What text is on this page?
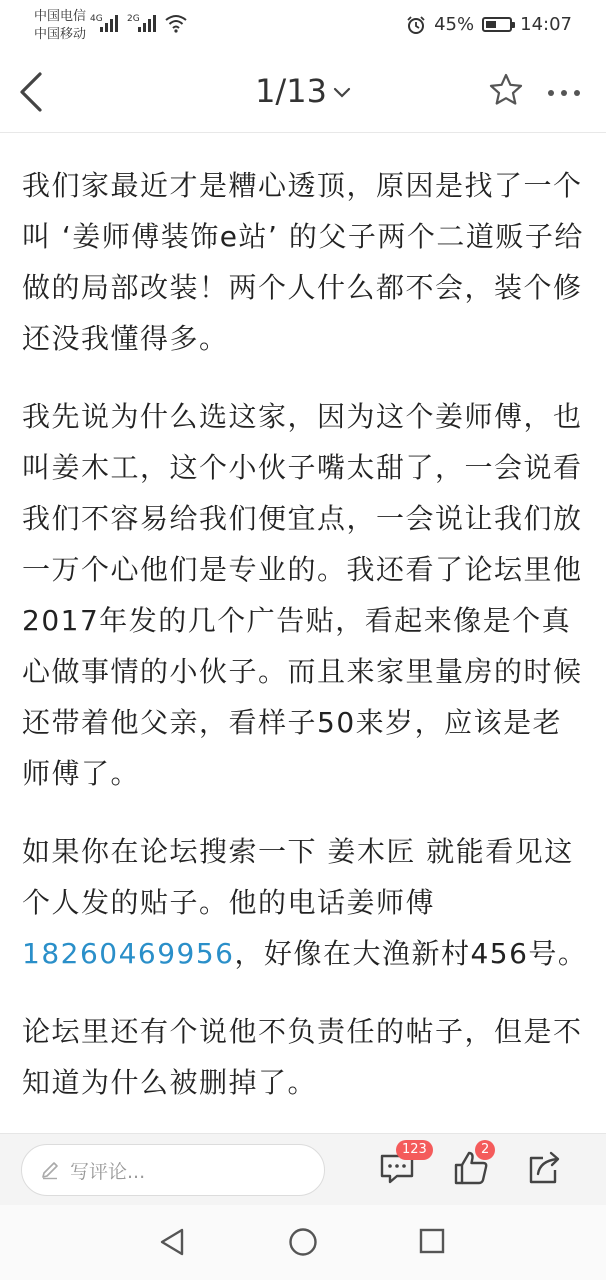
中国电信
中国移动
4G	2G	45%	14:07
1/13

我们家最近才是糟心透顶，原因是找了一个叫 ‘姜师傅装饰e站’ 的父子两个二道贩子给做的局部改装！两个人什么都不会，装个修还没我懂得多。

我先说为什么选这家，因为这个姜师傅，也叫姜木工，这个小伙子嘴太甜了，一会说看我们不容易给我们便宜点，一会说让我们放一万个心他们是专业的。我还看了论坛里他2017年发的几个广告贴，看起来像是个真心做事情的小伙子。而且来家里量房的时候还带着他父亲，看样子50来岁，应该是老师傅了。

如果你在论坛搜索一下 姜木匠 就能看见这个人发的贴子。他的电话姜师傅18260469956，好像在大渔新村456号。

论坛里还有个说他不负责任的帖子，但是不知道为什么被删掉了。

写评论...
123	2
